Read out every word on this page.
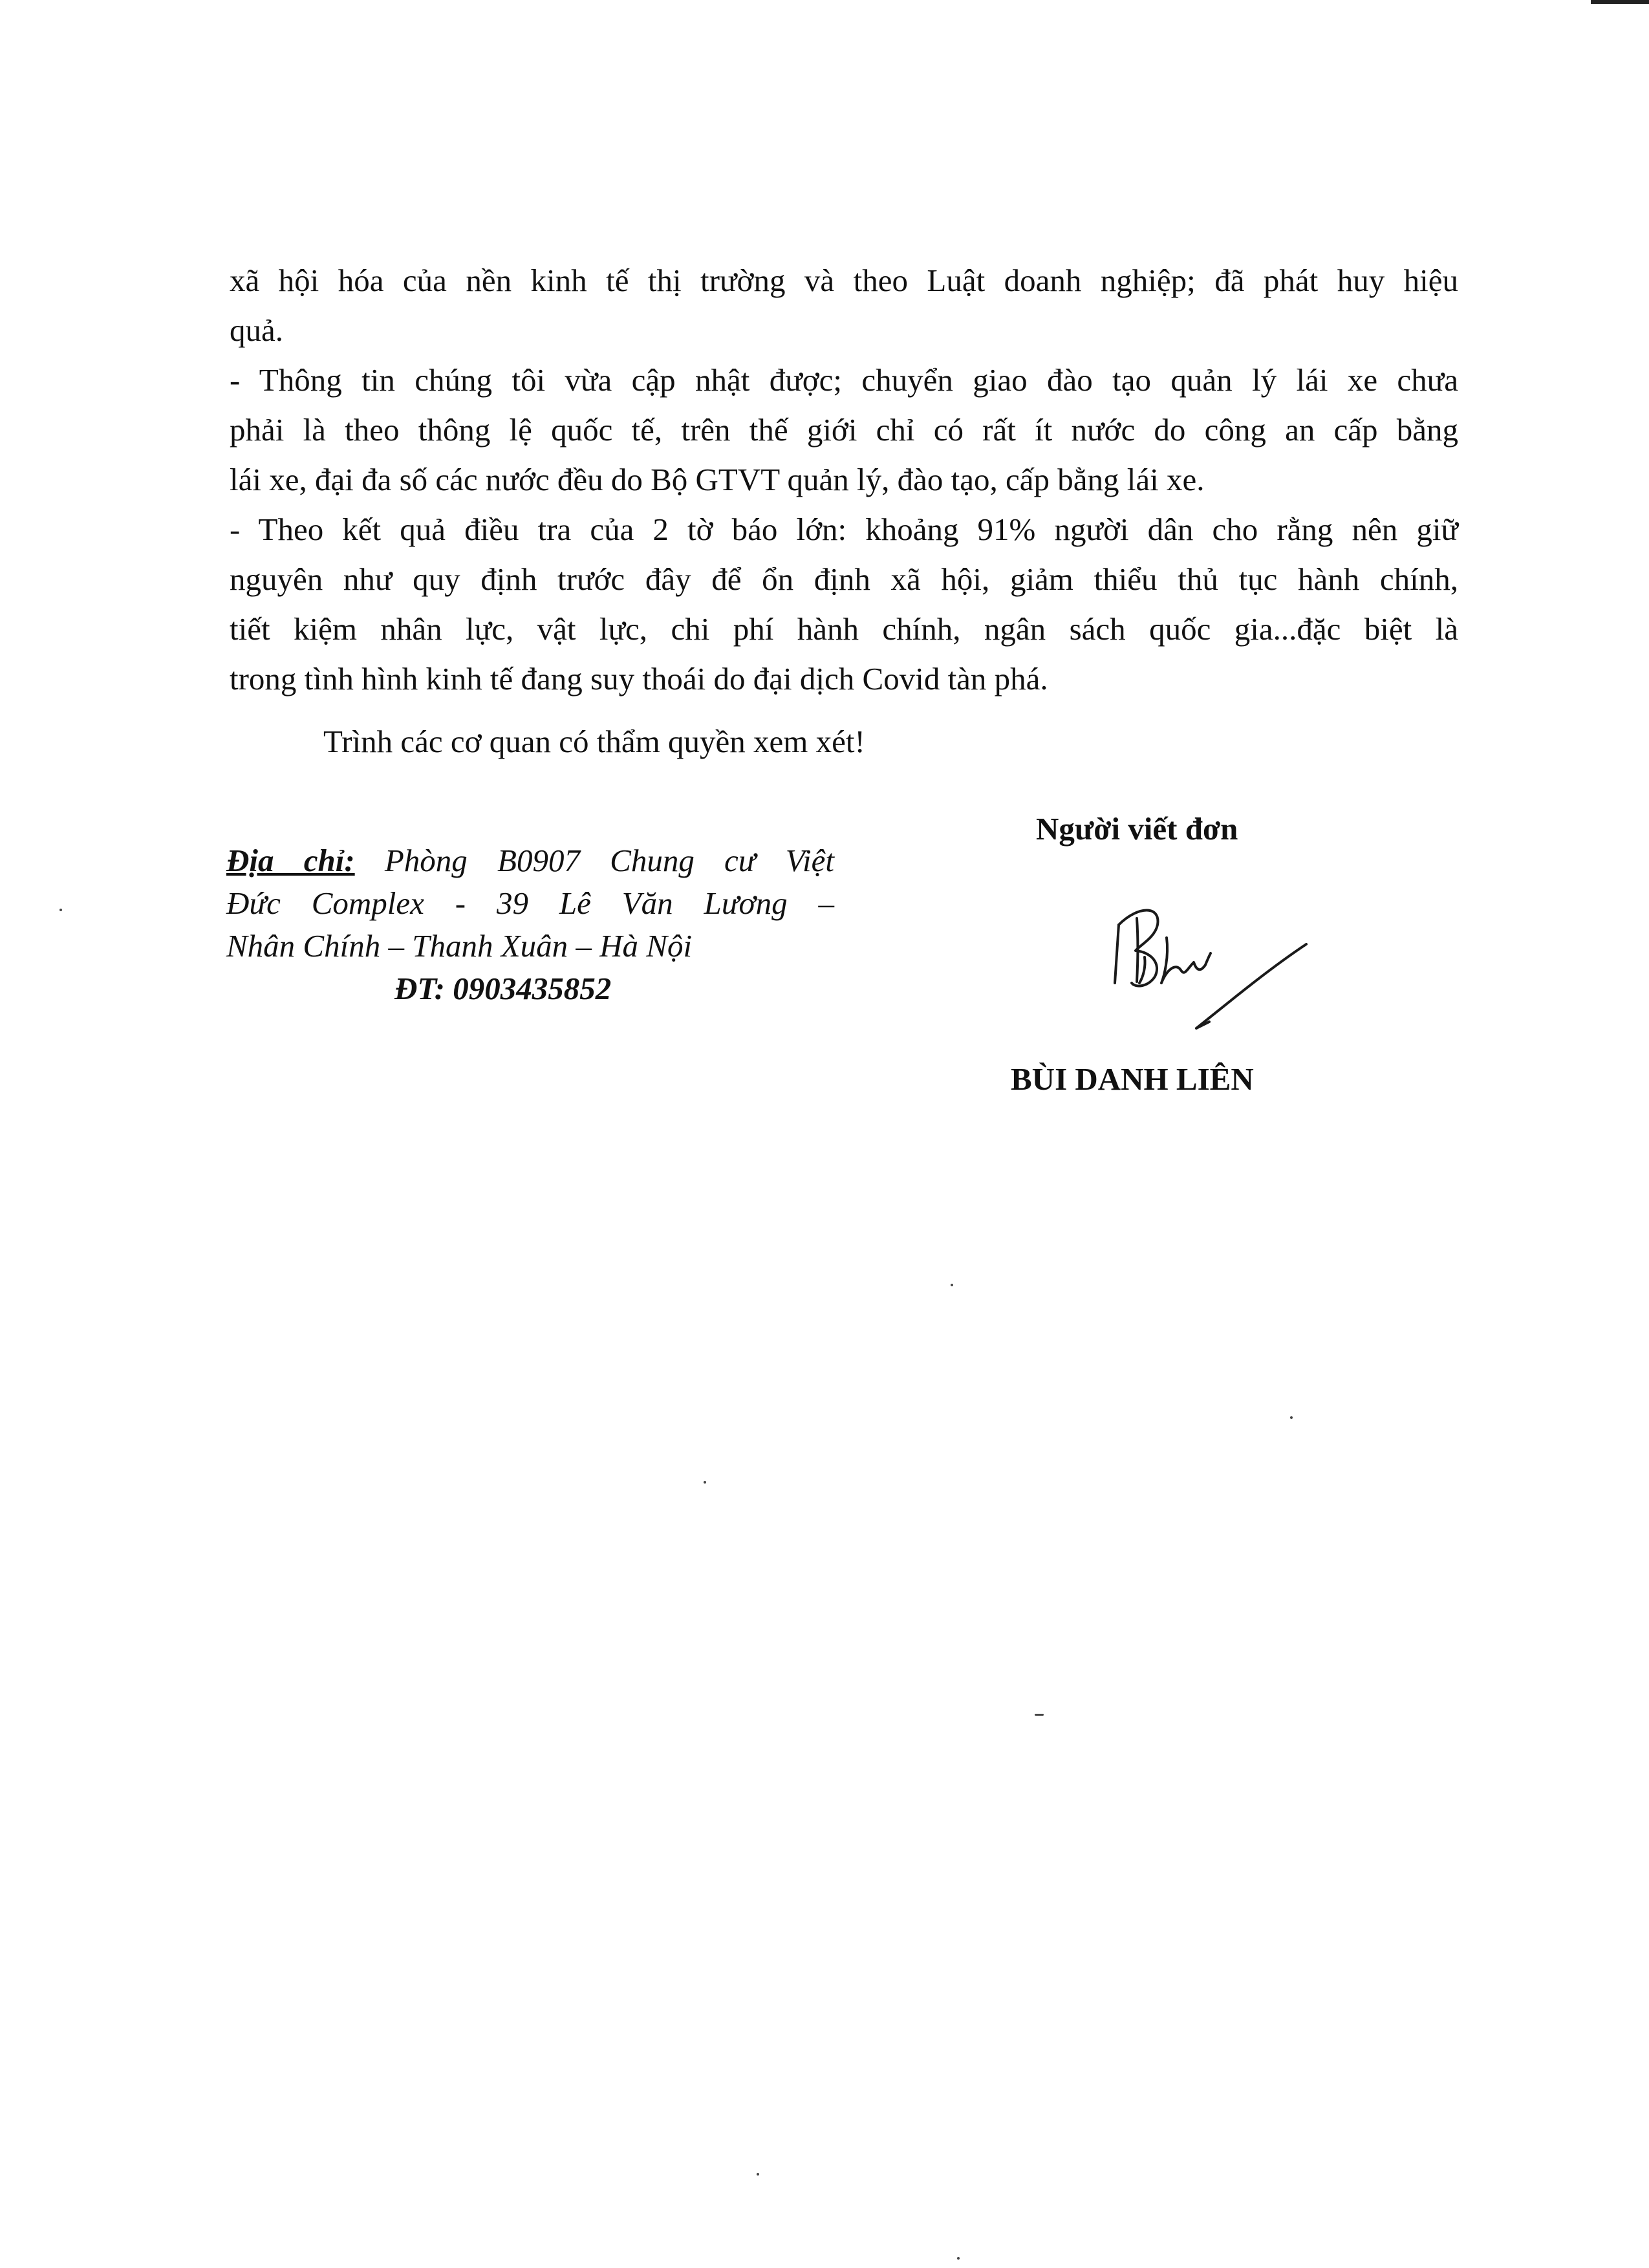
xã hội hóa của nền kinh tế thị trường và theo Luật doanh nghiệp; đã phát huy hiệu
quả.

- Thông tin chúng tôi vừa cập nhật được; chuyển giao đào tạo quản lý lái xe chưa
phải là theo thông lệ quốc tế, trên thế giới chỉ có rất ít nước do công an cấp bằng
lái xe, đại đa số các nước đều do Bộ GTVT quản lý, đào tạo, cấp bằng lái xe.

- Theo kết quả điều tra của 2 tờ báo lớn: khoảng 91% người dân cho rằng nên giữ
nguyên như quy định trước đây để ổn định xã hội, giảm thiểu thủ tục hành chính,
tiết kiệm nhân lực, vật lực, chi phí hành chính, ngân sách quốc gia...đặc biệt là
trong tình hình kinh tế đang suy thoái do đại dịch Covid tàn phá.

Trình các cơ quan có thẩm quyền xem xét!
Người viết đơn
BÙI DANH LIÊN
Địa chỉ: Phòng B0907 Chung cư Việt
Đức Complex - 39 Lê Văn Lương –
Nhân Chính – Thanh Xuân – Hà Nội
ĐT: 0903435852
